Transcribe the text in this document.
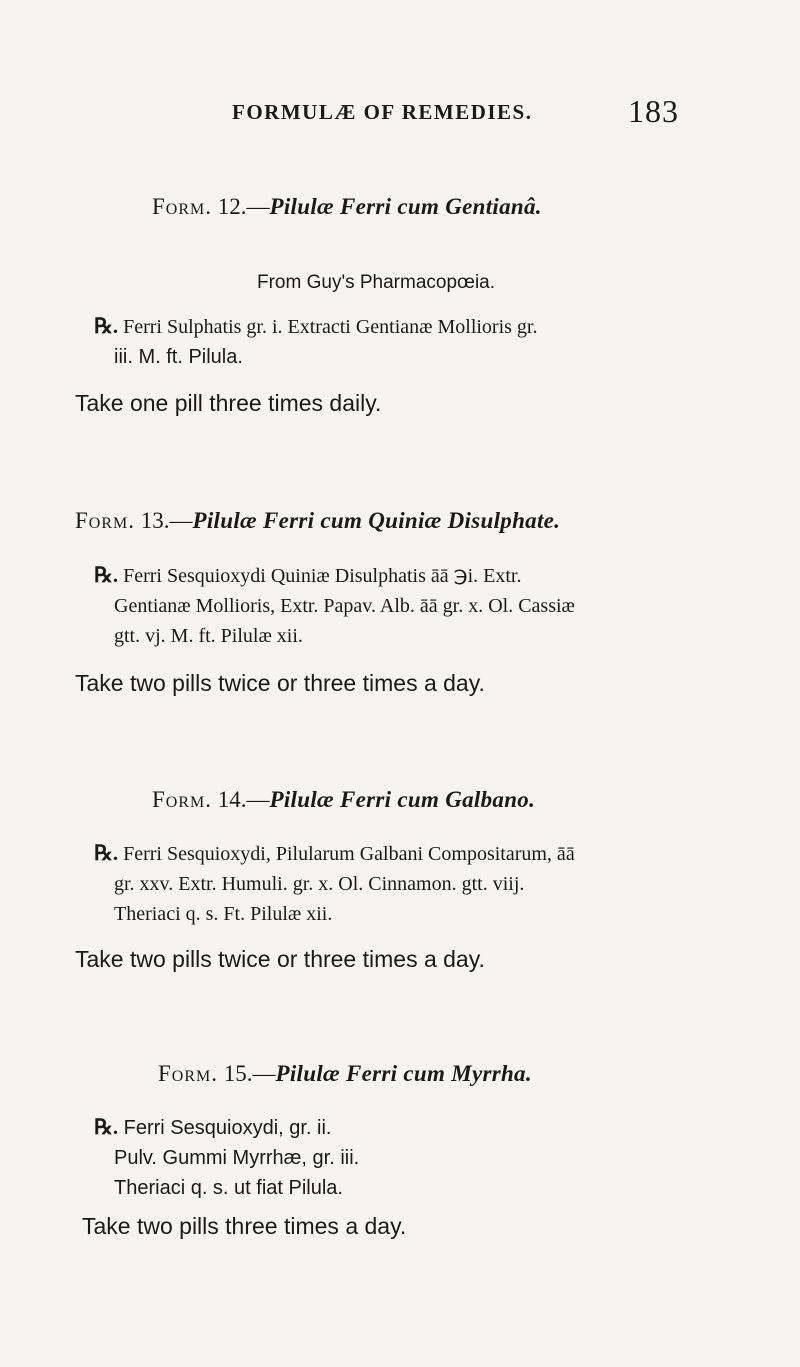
FORMULÆ OF REMEDIES.	183
Form. 12.—Pilulæ Ferri cum Gentianâ.
From Guy's Pharmacopœia.
℞. Ferri Sulphatis gr. i. Extracti Gentianæ Mollioris gr.
iii. M. ft. Pilula.
Take one pill three times daily.
Form. 13.—Pilulæ Ferri cum Quiniæ Disulphate.
℞. Ferri Sesquioxydi Quiniæ Disulphatis āā ℈i. Extr.
Gentianæ Mollioris, Extr. Papav. Alb. āā gr. x. Ol. Cassiæ
gtt. vj. M. ft. Pilulæ xii.
Take two pills twice or three times a day.
Form. 14.—Pilulæ Ferri cum Galbano.
℞. Ferri Sesquioxydi, Pilularum Galbani Compositarum, āā
gr. xxv. Extr. Humuli. gr. x. Ol. Cinnamon. gtt. viij.
Theriaci q. s. Ft. Pilulæ xii.
Take two pills twice or three times a day.
Form. 15.—Pilulæ Ferri cum Myrrha.
℞. Ferri Sesquioxydi, gr. ii.
Pulv. Gummi Myrrhæ, gr. iii.
Theriaci q. s. ut fiat Pilula.
Take two pills three times a day.
